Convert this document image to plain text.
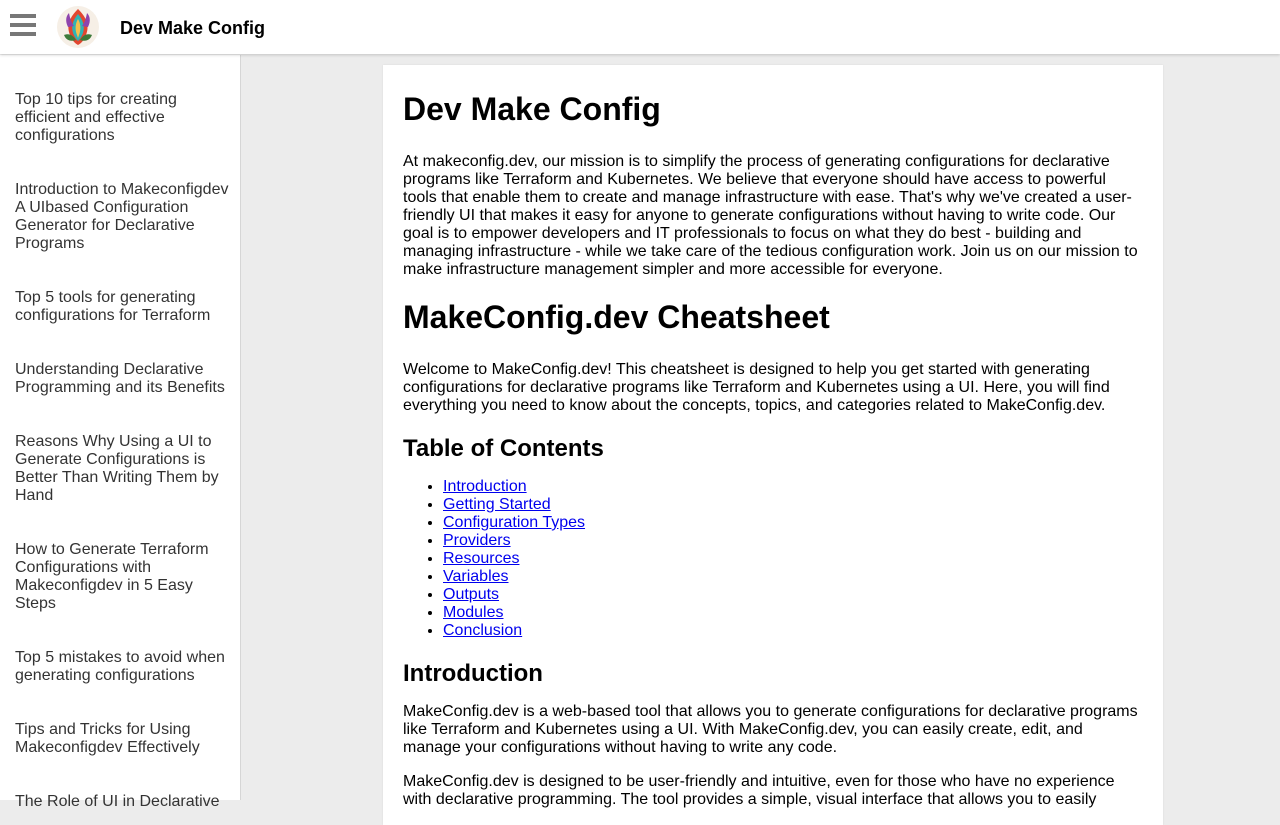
Dev Make Config
Top 10 tips for creating efficient and effective configurations
Introduction to Makeconfigdev A UIbased Configuration Generator for Declarative Programs
Top 5 tools for generating configurations for Terraform
Understanding Declarative Programming and its Benefits
Reasons Why Using a UI to Generate Configurations is Better Than Writing Them by Hand
How to Generate Terraform Configurations with Makeconfigdev in 5 Easy Steps
Top 5 mistakes to avoid when generating configurations
Tips and Tricks for Using Makeconfigdev Effectively
The Role of UI in Declarative
Dev Make Config

At makeconfig.dev, our mission is to simplify the process of generating configurations for declarative programs like Terraform and Kubernetes. We believe that everyone should have access to powerful tools that enable them to create and manage infrastructure with ease. That's why we've created a user-friendly UI that makes it easy for anyone to generate configurations without having to write code. Our goal is to empower developers and IT professionals to focus on what they do best - building and managing infrastructure - while we take care of the tedious configuration work. Join us on our mission to make infrastructure management simpler and more accessible for everyone.

MakeConfig.dev Cheatsheet

Welcome to MakeConfig.dev! This cheatsheet is designed to help you get started with generating configurations for declarative programs like Terraform and Kubernetes using a UI. Here, you will find everything you need to know about the concepts, topics, and categories related to MakeConfig.dev.

Table of Contents
• Introduction
• Getting Started
• Configuration Types
• Providers
• Resources
• Variables
• Outputs
• Modules
• Conclusion
Introduction

MakeConfig.dev is a web-based tool that allows you to generate configurations for declarative programs like Terraform and Kubernetes using a UI. With MakeConfig.dev, you can easily create, edit, and manage your configurations without having to write any code.

MakeConfig.dev is designed to be user-friendly and intuitive, even for those who have no experience with declarative programming. The tool provides a simple, visual interface that allows you to easily
